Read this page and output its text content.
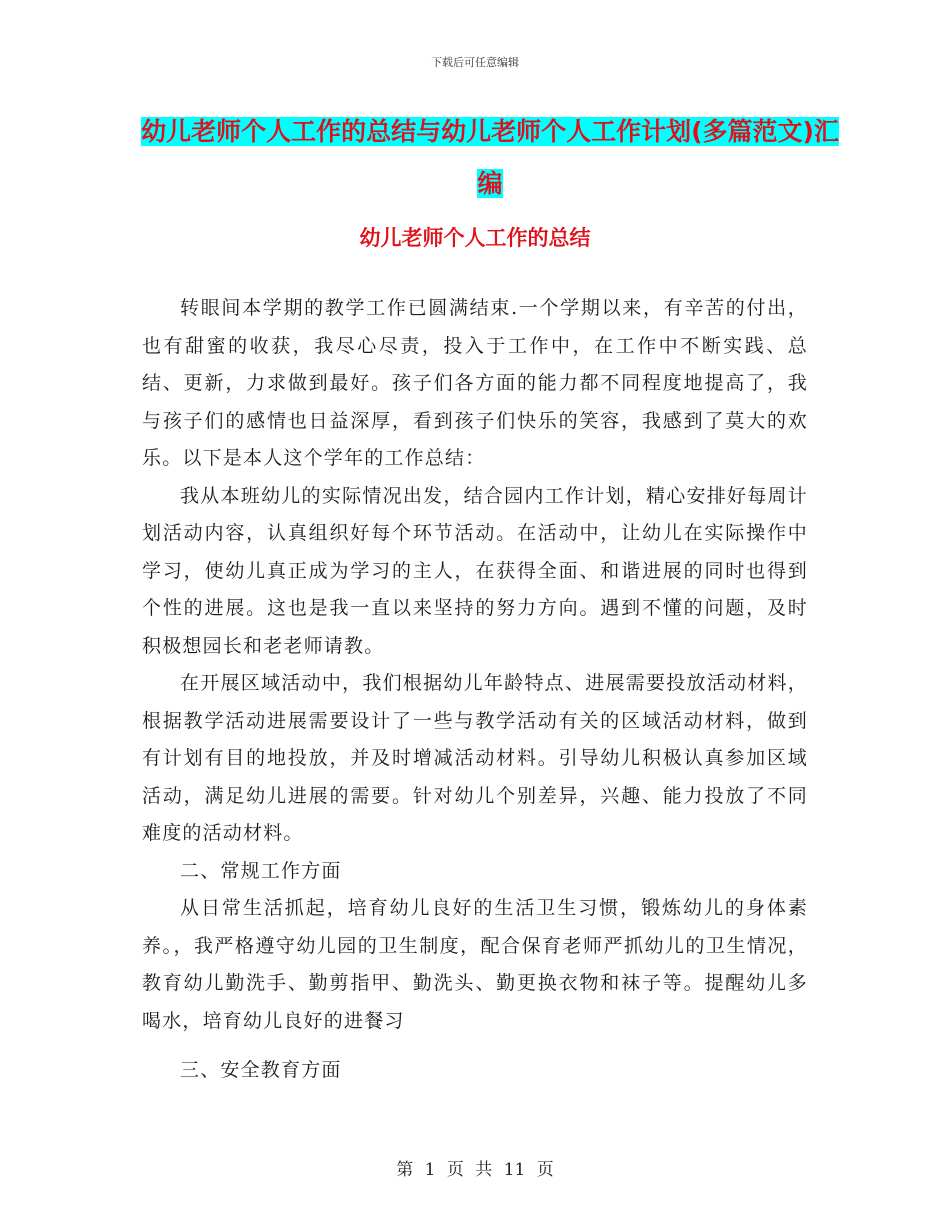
下载后可任意编辑
幼儿老师个人工作的总结与幼儿老师个人工作计划(多篇范文)汇编
幼儿老师个人工作的总结

转眼间本学期的教学工作已圆满结束.一个学期以来，有辛苦的付出，也有甜蜜的收获，我尽心尽责，投入于工作中，在工作中不断实践、总结、更新，力求做到最好。孩子们各方面的能力都不同程度地提高了，我与孩子们的感情也日益深厚，看到孩子们快乐的笑容，我感到了莫大的欢乐。以下是本人这个学年的工作总结：

我从本班幼儿的实际情况出发，结合园内工作计划，精心安排好每周计划活动内容，认真组织好每个环节活动。在活动中，让幼儿在实际操作中学习，使幼儿真正成为学习的主人，在获得全面、和谐进展的同时也得到个性的进展。这也是我一直以来坚持的努力方向。遇到不懂的问题，及时积极想园长和老老师请教。

在开展区域活动中，我们根据幼儿年龄特点、进展需要投放活动材料，根据教学活动进展需要设计了一些与教学活动有关的区域活动材料，做到有计划有目的地投放，并及时增减活动材料。引导幼儿积极认真参加区域活动，满足幼儿进展的需要。针对幼儿个别差异，兴趣、能力投放了不同难度的活动材料。

二、常规工作方面

从日常生活抓起，培育幼儿良好的生活卫生习惯，锻炼幼儿的身体素养。，我严格遵守幼儿园的卫生制度，配合保育老师严抓幼儿的卫生情况，教育幼儿勤洗手、勤剪指甲、勤洗头、勤更换衣物和袜子等。提醒幼儿多喝水，培育幼儿良好的进餐习

三、安全教育方面

第 1 页 共 11 页
